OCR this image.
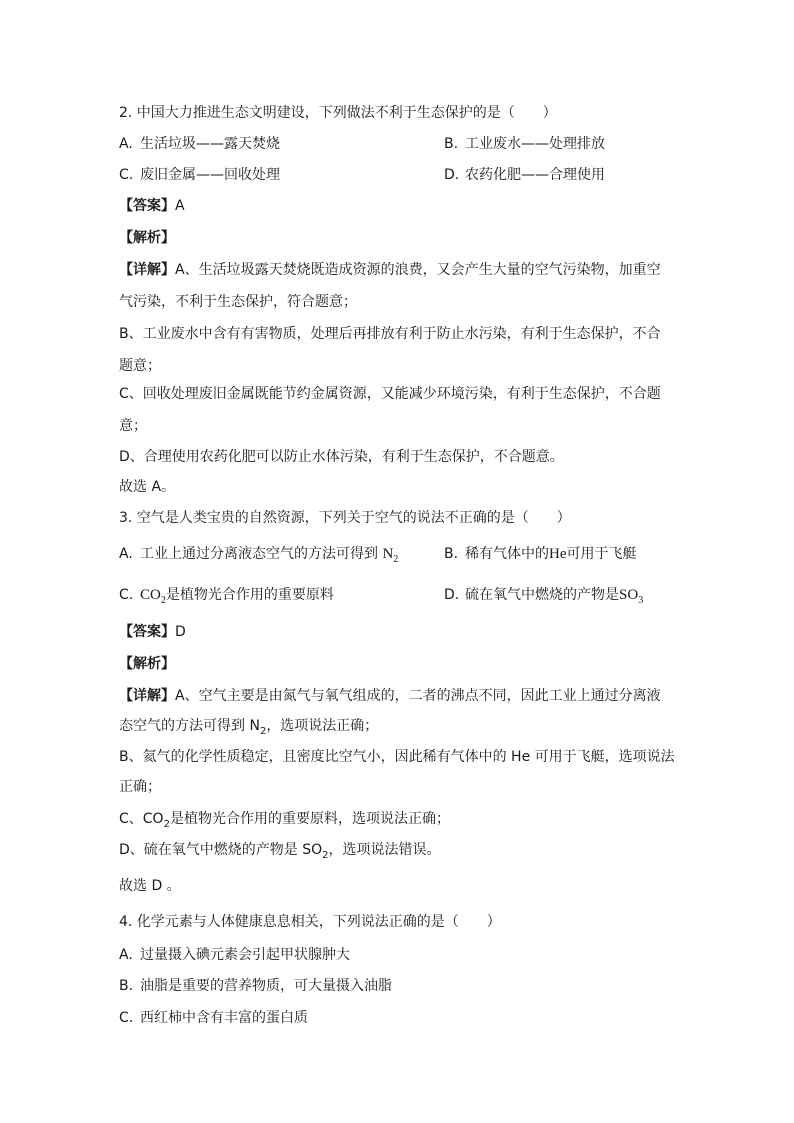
2. 中国大力推进生态文明建设，下列做法不利于生态保护的是（　　）
A. 生活垃圾——露天焚烧	B. 工业废水——处理排放
C. 废旧金属——回收处理	D. 农药化肥——合理使用
【答案】A
【解析】
【详解】A、生活垃圾露天焚烧既造成资源的浪费，又会产生大量的空气污染物，加重空
气污染，不利于生态保护，符合题意；
B、工业废水中含有有害物质，处理后再排放有利于防止水污染，有利于生态保护，不合
题意；
C、回收处理废旧金属既能节约金属资源，又能减少环境污染，有利于生态保护，不合题
意；
D、合理使用农药化肥可以防止水体污染，有利于生态保护，不合题意。
故选 A。
3. 空气是人类宝贵的自然资源，下列关于空气的说法不正确的是（　　）
A. 工业上通过分离液态空气的方法可得到 $N_2$	B. 稀有气体中的He可用于飞艇
C. $CO_2$是植物光合作用的重要原料	D. 硫在氧气中燃烧的产物是$SO_3$
【答案】D
【解析】
【详解】A、空气主要是由氮气与氧气组成的，二者的沸点不同，因此工业上通过分离液
态空气的方法可得到 $N_2$，选项说法正确；
B、氦气的化学性质稳定，且密度比空气小，因此稀有气体中的 He 可用于飞艇，选项说法
正确；
C、$CO_2$是植物光合作用的重要原料，选项说法正确；
D、硫在氧气中燃烧的产物是 $SO_2$，选项说法错误。
故选 D 。
4. 化学元素与人体健康息息相关，下列说法正确的是（　　）
A. 过量摄入碘元素会引起甲状腺肿大
B. 油脂是重要的营养物质，可大量摄入油脂
C. 西红柿中含有丰富的蛋白质
